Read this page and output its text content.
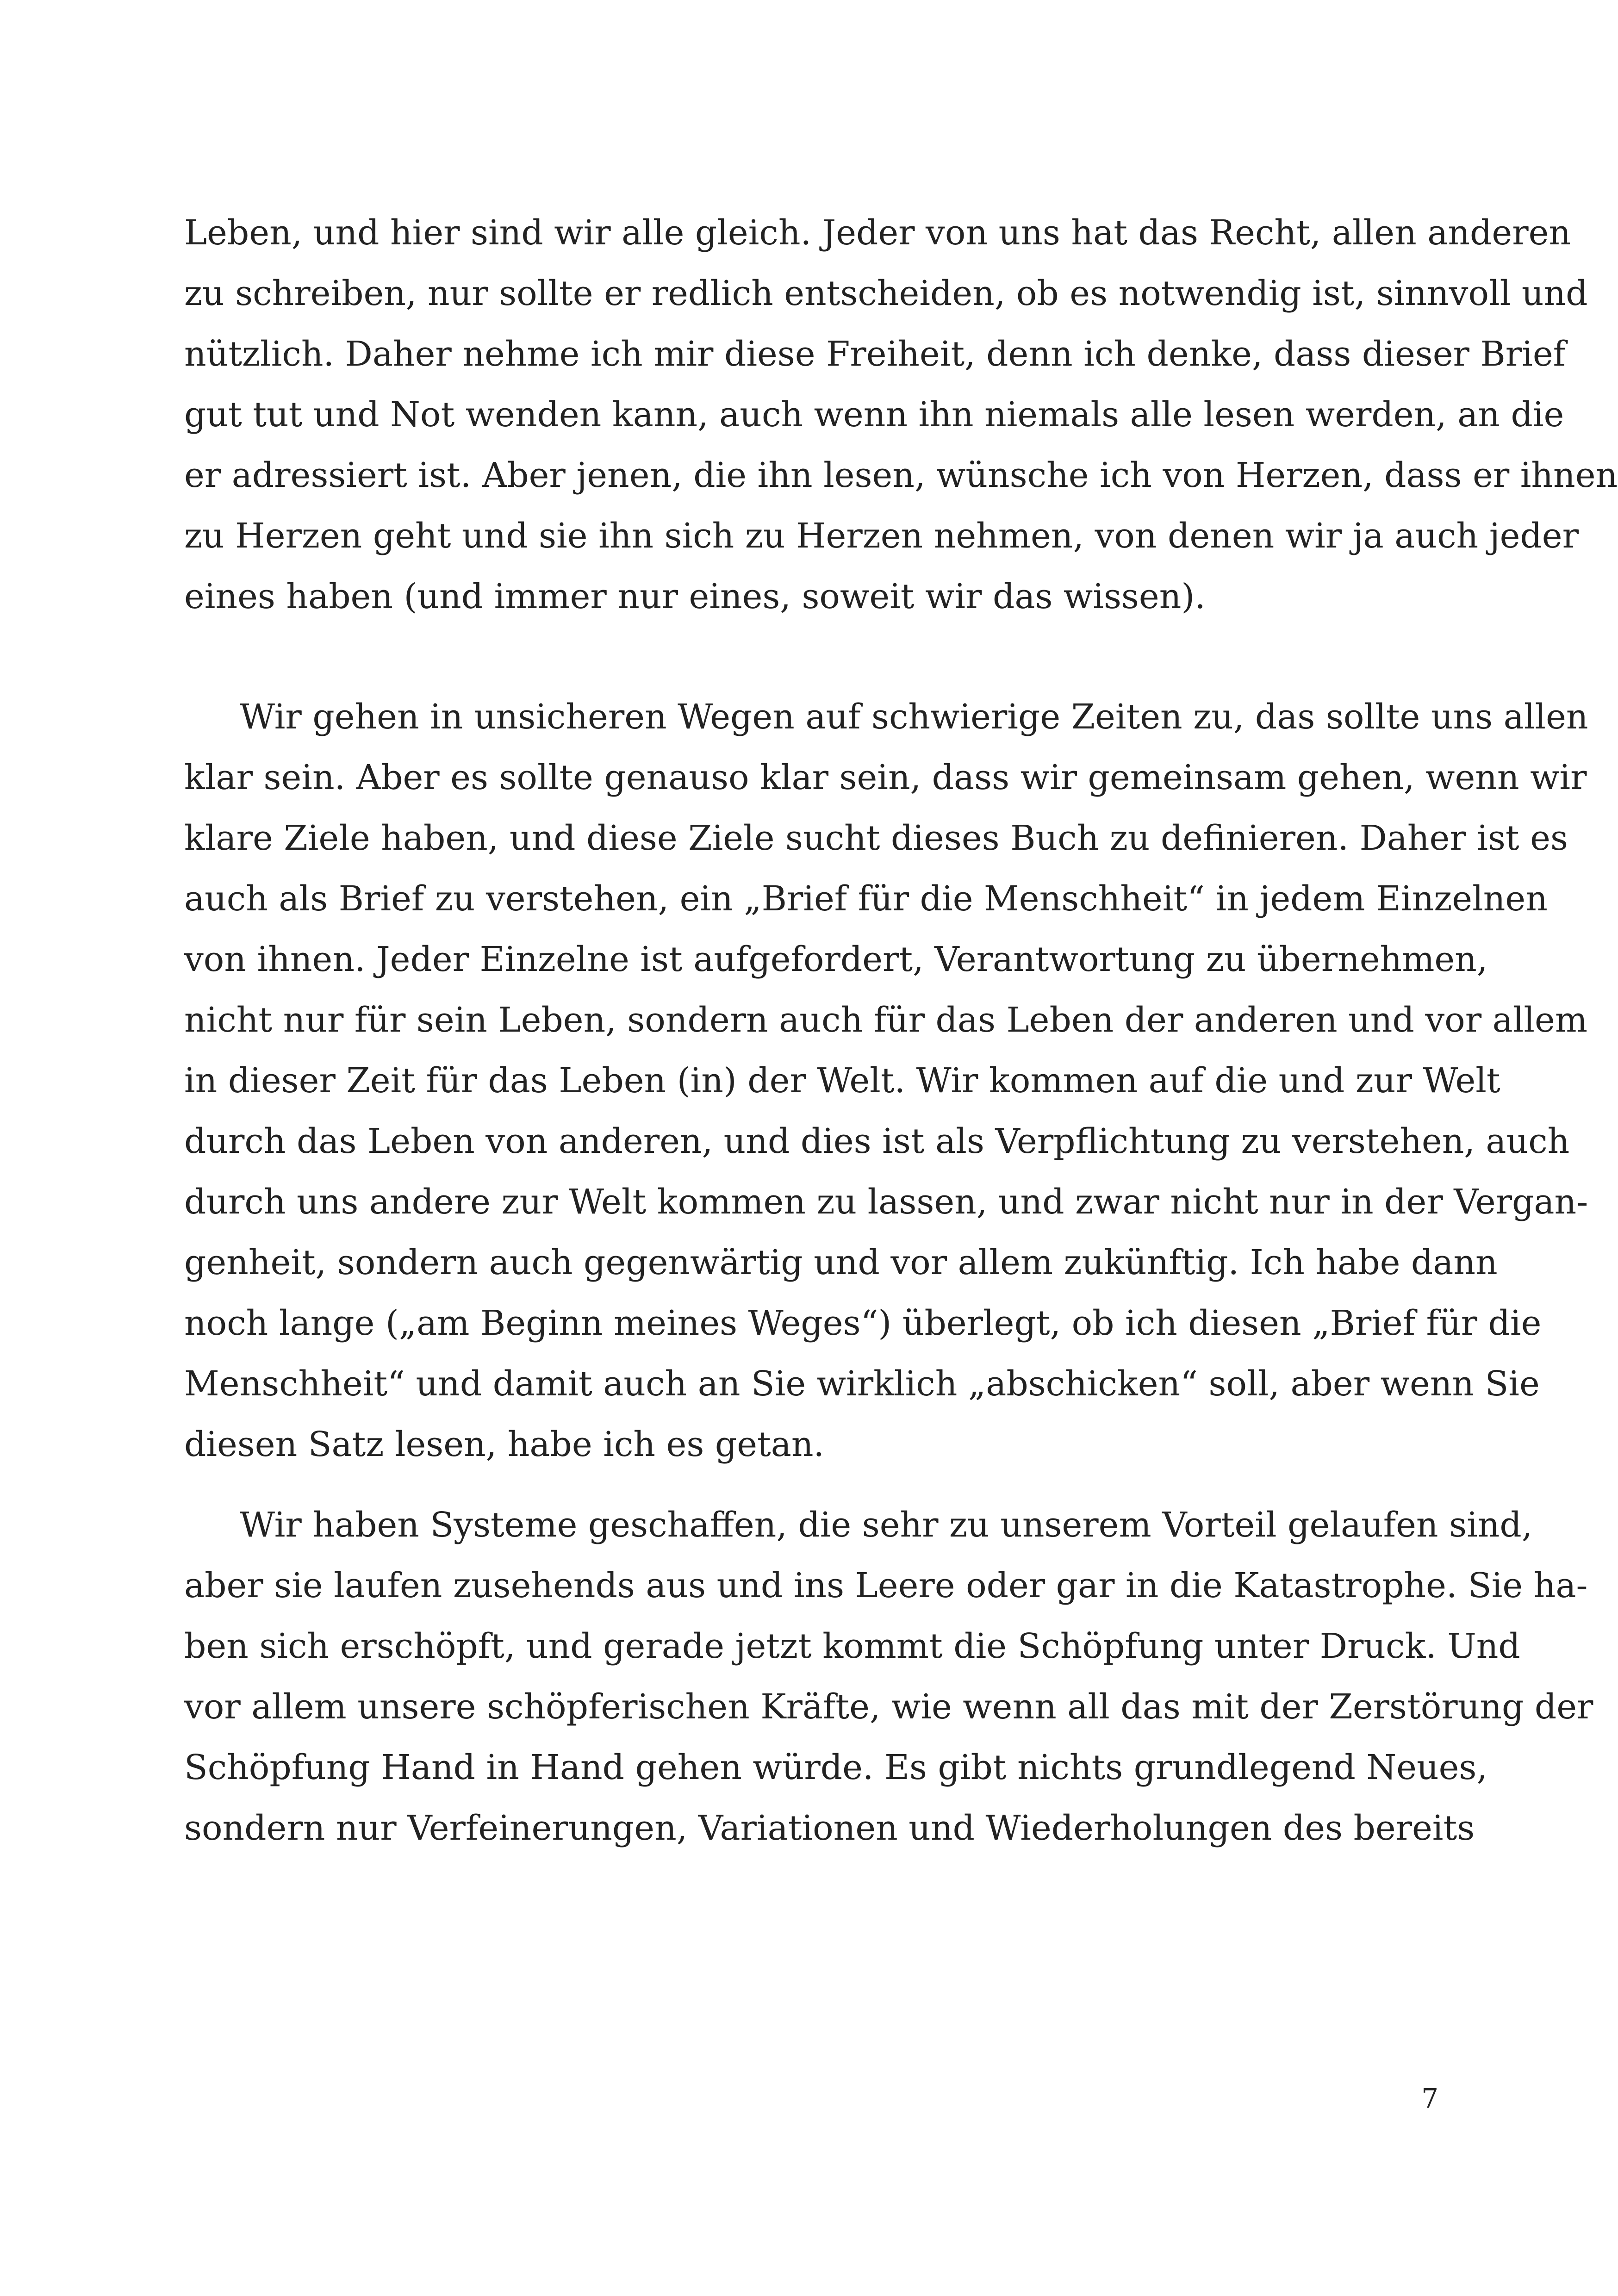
Leben, und hier sind wir alle gleich. Jeder von uns hat das Recht, allen anderen
zu schreiben, nur sollte er redlich entscheiden, ob es notwendig ist, sinnvoll und
nützlich. Daher nehme ich mir diese Freiheit, denn ich denke, dass dieser Brief
gut tut und Not wenden kann, auch wenn ihn niemals alle lesen werden, an die
er adressiert ist. Aber jenen, die ihn lesen, wünsche ich von Herzen, dass er ihnen
zu Herzen geht und sie ihn sich zu Herzen nehmen, von denen wir ja auch jeder
eines haben (und immer nur eines, soweit wir das wissen).
Wir gehen in unsicheren Wegen auf schwierige Zeiten zu, das sollte uns allen
klar sein. Aber es sollte genauso klar sein, dass wir gemeinsam gehen, wenn wir
klare Ziele haben, und diese Ziele sucht dieses Buch zu definieren. Daher ist es
auch als Brief zu verstehen, ein „Brief für die Menschheit“ in jedem Einzelnen
von ihnen. Jeder Einzelne ist aufgefordert, Verantwortung zu übernehmen,
nicht nur für sein Leben, sondern auch für das Leben der anderen und vor allem
in dieser Zeit für das Leben (in) der Welt. Wir kommen auf die und zur Welt
durch das Leben von anderen, und dies ist als Verpflichtung zu verstehen, auch
durch uns andere zur Welt kommen zu lassen, und zwar nicht nur in der Vergan-
genheit, sondern auch gegenwärtig und vor allem zukünftig. Ich habe dann
noch lange („am Beginn meines Weges“) überlegt, ob ich diesen „Brief für die
Menschheit“ und damit auch an Sie wirklich „abschicken“ soll, aber wenn Sie
diesen Satz lesen, habe ich es getan.
Wir haben Systeme geschaffen, die sehr zu unserem Vorteil gelaufen sind,
aber sie laufen zusehends aus und ins Leere oder gar in die Katastrophe. Sie ha-
ben sich erschöpft, und gerade jetzt kommt die Schöpfung unter Druck. Und
vor allem unsere schöpferischen Kräfte, wie wenn all das mit der Zerstörung der
Schöpfung Hand in Hand gehen würde. Es gibt nichts grundlegend Neues,
sondern nur Verfeinerungen, Variationen und Wiederholungen des bereits
7
